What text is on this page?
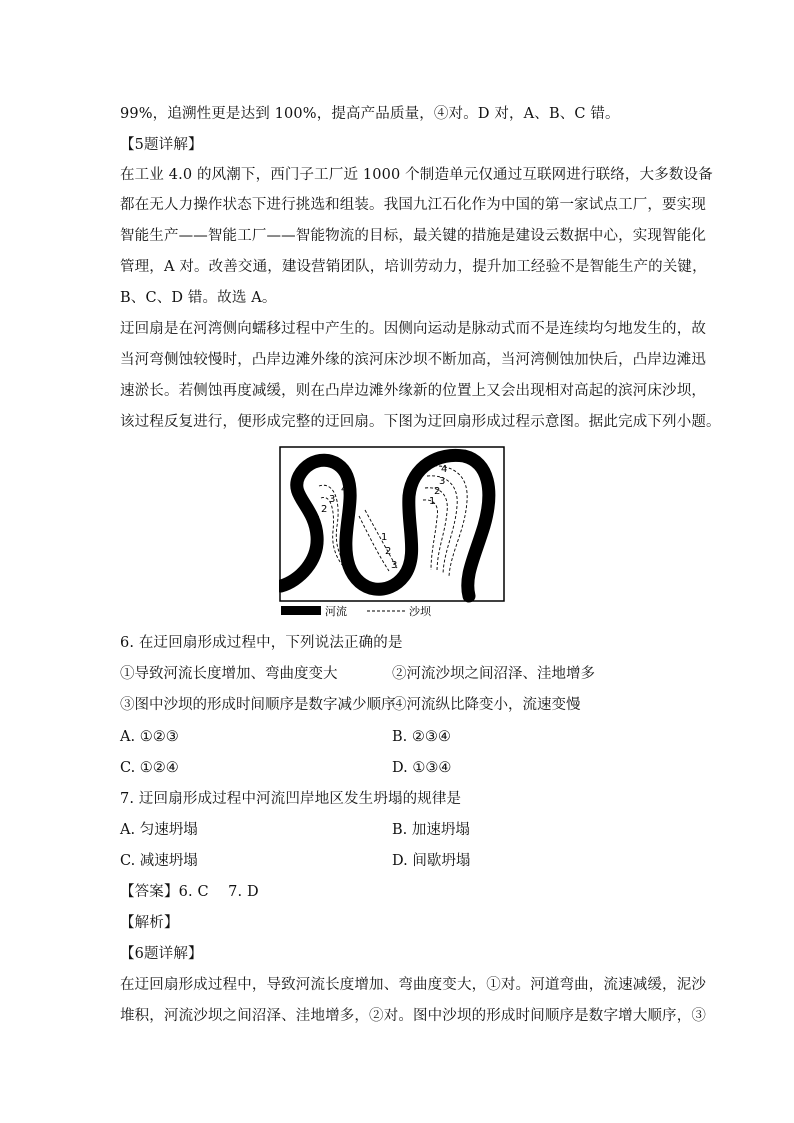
99%，追溯性更是达到 100%，提高产品质量，④对。D 对，A、B、C 错。
【5题详解】
在工业 4.0 的风潮下，西门子工厂近 1000 个制造单元仅通过互联网进行联络，大多数设备
都在无人力操作状态下进行挑选和组装。我国九江石化作为中国的第一家试点工厂，要实现
智能生产——智能工厂——智能物流的目标，最关键的措施是建设云数据中心，实现智能化
管理，A 对。改善交通，建设营销团队，培训劳动力，提升加工经验不是智能生产的关键，
B、C、D 错。故选 A。
迂回扇是在河湾侧向蠕移过程中产生的。因侧向运动是脉动式而不是连续均匀地发生的，故
当河弯侧蚀较慢时，凸岸边滩外缘的滨河床沙坝不断加高，当河湾侧蚀加快后，凸岸边滩迅
速淤长。若侧蚀再度减缓，则在凸岸边滩外缘新的位置上又会出现相对高起的滨河床沙坝，
该过程反复进行，便形成完整的迂回扇。下图为迂回扇形成过程示意图。据此完成下列小题。
1
2
3
4
1
2
3
4
1
2
3
4
河流	沙坝
6. 在迂回扇形成过程中，下列说法正确的是
①导致河流长度增加、弯曲度变大	②河流沙坝之间沼泽、洼地增多
③图中沙坝的形成时间顺序是数字减少顺序
④河流纵比降变小，流速变慢
A. ①②③	B. ②③④
C. ①②④	D. ①③④
7. 迂回扇形成过程中河流凹岸地区发生坍塌的规律是
A. 匀速坍塌	B. 加速坍塌
C. 减速坍塌	D. 间歇坍塌
【答案】6. C　 7. D
【解析】
【6题详解】
在迂回扇形成过程中，导致河流长度增加、弯曲度变大，①对。河道弯曲，流速减缓，泥沙
堆积，河流沙坝之间沼泽、洼地增多，②对。图中沙坝的形成时间顺序是数字增大顺序，③
